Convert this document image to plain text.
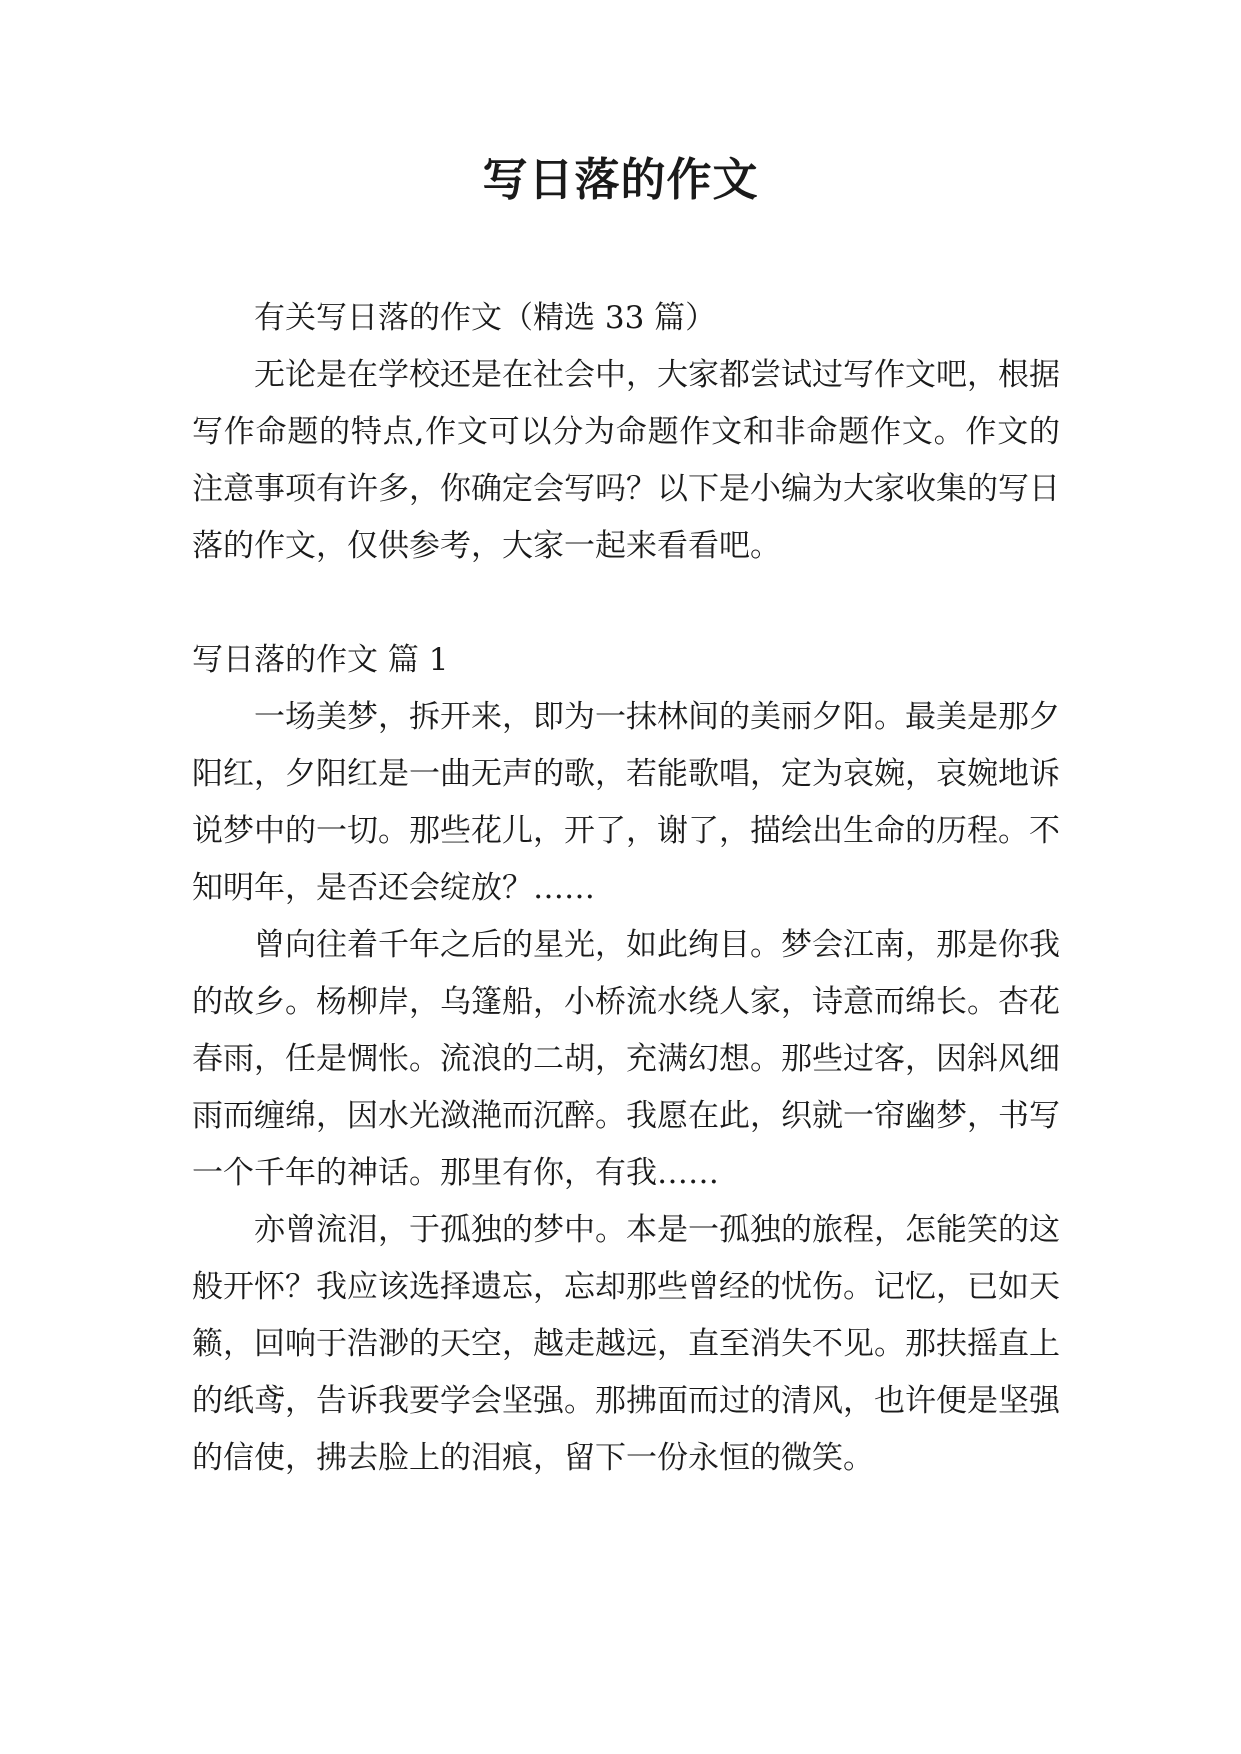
写日落的作文

有关写日落的作文（精选 33 篇）

无论是在学校还是在社会中，大家都尝试过写作文吧，根据写作命题的特点,作文可以分为命题作文和非命题作文。作文的注意事项有许多，你确定会写吗？以下是小编为大家收集的写日落的作文，仅供参考，大家一起来看看吧。

写日落的作文 篇 1

一场美梦，拆开来，即为一抹林间的美丽夕阳。最美是那夕阳红，夕阳红是一曲无声的歌，若能歌唱，定为哀婉，哀婉地诉说梦中的一切。那些花儿，开了，谢了，描绘出生命的历程。不知明年，是否还会绽放？……

曾向往着千年之后的星光，如此绚目。梦会江南，那是你我的故乡。杨柳岸，乌篷船，小桥流水绕人家，诗意而绵长。杏花春雨，任是惆怅。流浪的二胡，充满幻想。那些过客，因斜风细雨而缠绵，因水光潋滟而沉醉。我愿在此，织就一帘幽梦，书写一个千年的神话。那里有你，有我……

亦曾流泪，于孤独的梦中。本是一孤独的旅程，怎能笑的这般开怀？我应该选择遗忘，忘却那些曾经的忧伤。记忆，已如天籁，回响于浩渺的天空，越走越远，直至消失不见。那扶摇直上的纸鸢，告诉我要学会坚强。那拂面而过的清风，也许便是坚强的信使，拂去脸上的泪痕，留下一份永恒的微笑。
